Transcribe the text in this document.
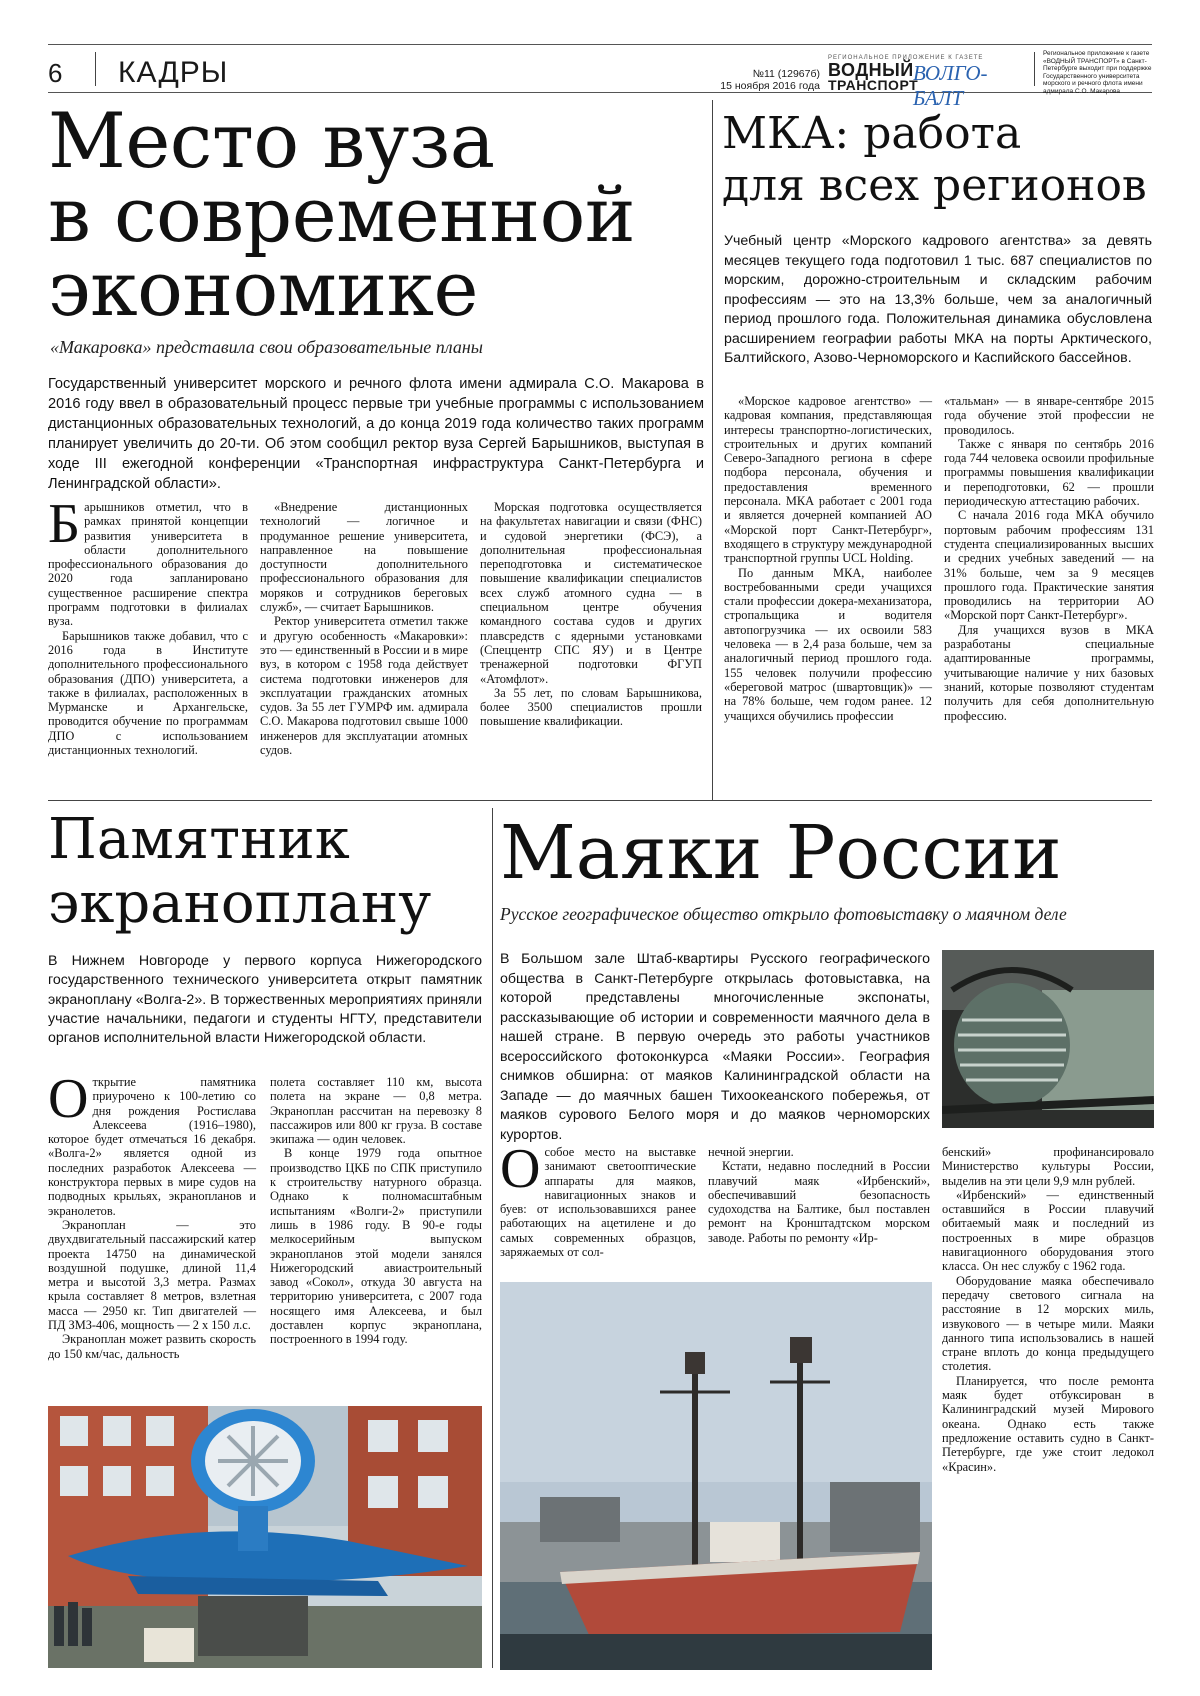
6 КАДРЫ	№11 (12967б)
15 ноября 2016 года
РЕГИОНАЛЬНОЕ ПРИЛОЖЕНИЕ К ГАЗЕТЕ
ВОДНЫЙ
ТРАНСПОРТ
ВОЛГО-БАЛТ
Региональное приложение к газете «ВОДНЫЙ ТРАНСПОРТ» в Санкт-Петербурге выходит при поддержке Государственного университета морского и речного флота имени адмирала С.О. Макарова
Место вуза
в современной
экономике
«Макаровка» представила свои образовательные планы
Государственный университет морского и речного флота имени адмирала С.О. Макарова в 2016 году ввел в образовательный процесс первые три учебные программы с использованием дистанционных образовательных технологий, а до конца 2019 года количество таких программ планирует увеличить до 20-ти. Об этом сообщил ректор вуза Сергей Барышников, выступая в ходе III ежегодной конференции «Транспортная инфраструктура Санкт-Петербурга и Ленинградской области».

Барышников отметил, что в рамках принятой концепции развития университета в области дополнительного профессионального образования до 2020 года запланировано существенное расширение спектра программ подготовки в филиалах вуза.

Барышников также добавил, что с 2016 года в Институте дополнительного профессионального образования (ДПО) университета, а также в филиалах, расположенных в Мурманске и Архангельске, проводится обучение по программам ДПО с использованием дистанционных технологий.

«Внедрение дистанционных технологий — логичное и продуманное решение университета, направленное на повышение доступности дополнительного профессионального образования для моряков и сотрудников береговых служб», — считает Барышников.

Ректор университета отметил также и другую особенность «Макаровки»: это — единственный в России и в мире вуз, в котором с 1958 года действует система подготовки инженеров для эксплуатации гражданских атомных судов. За 55 лет ГУМРФ им. адмирала С.О. Макарова подготовил свыше 1000 инженеров для эксплуатации атомных судов.

Морская подготовка осуществляется на факультетах навигации и связи (ФНС) и судовой энергетики (ФСЭ), а дополнительная профессиональная переподготовка и систематическое повышение квалификации специалистов всех служб атомного судна — в специальном центре обучения командного состава судов и других плавсредств с ядерными установками (Спеццентр СПС ЯУ) и в Центре тренажерной подготовки ФГУП «Атомфлот».

За 55 лет, по словам Барышникова, более 3500 специалистов прошли повышение квалификации.

МКА: работа
для всех регионов
Учебный центр «Морского кадрового агентства» за девять месяцев текущего года подготовил 1 тыс. 687 специалистов по морским, дорожно-строительным и складским рабочим профессиям — это на 13,3% больше, чем за аналогичный период прошлого года. Положительная динамика обусловлена расширением географии работы МКА на порты Арктического, Балтийского, Азово-Черноморского и Каспийского бассейнов.

«Морское кадровое агентство» — кадровая компания, представляющая интересы транспортно-логистических, строительных и других компаний Северо-Западного региона в сфере подбора персонала, обучения и предоставления временного персонала. МКА работает с 2001 года и является дочерней компанией АО «Морской порт Санкт-Петербург», входящего в структуру международной транспортной группы UCL Holding.

По данным МКА, наиболее востребованными среди учащихся стали профессии докера-механизатора, стропальщика и водителя автопогрузчика — их освоили 583 человека — в 2,4 раза больше, чем за аналогичный период прошлого года. 155 человек получили профессию «береговой матрос (швартовщик)» — на 78% больше, чем годом ранее. 12 учащихся обучились профессии

«тальман» — в январе-сентябре 2015 года обучение этой профессии не проводилось.

Также с января по сентябрь 2016 года 744 человека освоили профильные программы повышения квалификации и переподготовки, 62 — прошли периодическую аттестацию рабочих.

С начала 2016 года МКА обучило портовым рабочим профессиям 131 студента специализированных высших и средних учебных заведений — на 31% больше, чем за 9 месяцев прошлого года. Практические занятия проводились на территории АО «Морской порт Санкт-Петербург».

Для учащихся вузов в МКА разработаны специальные адаптированные программы, учитывающие наличие у них базовых знаний, которые позволяют студентам получить для себя дополнительную профессию.

Памятник
экраноплану
В Нижнем Новгороде у первого корпуса Нижегородского государственного технического университета открыт памятник экраноплану «Волга-2». В торжественных мероприятиях приняли участие начальники, педагоги и студенты НГТУ, представители органов исполнительной власти Нижегородской области.

Открытие памятника приурочено к 100-летию со дня рождения Ростислава Алексеева (1916–1980), которое будет отмечаться 16 декабря. «Волга-2» является одной из последних разработок Алексеева — конструктора первых в мире судов на подводных крыльях, экранопланов и экранолетов.

Экраноплан — это двухдвигательный пассажирский катер проекта 14750 на динамической воздушной подушке, длиной 11,4 метра и высотой 3,3 метра. Размах крыла составляет 8 метров, взлетная масса — 2950 кг. Тип двигателей — ПД ЗМЗ-406, мощность — 2 х 150 л.с.

Экраноплан может развить скорость до 150 км/час, дальность

полета составляет 110 км, высота полета на экране — 0,8 метра. Экраноплан рассчитан на перевозку 8 пассажиров или 800 кг груза. В составе экипажа — один человек.

В конце 1979 года опытное производство ЦКБ по СПК приступило к строительству натурного образца. Однако к полномасштабным испытаниям «Волги-2» приступили лишь в 1986 году. В 90-е годы мелкосерийным выпуском экранопланов этой модели занялся Нижегородский авиастроительный завод «Сокол», откуда 30 августа на территорию университета, с 2007 года носящего имя Алексеева, и был доставлен корпус экраноплана, построенного в 1994 году.

Маяки России
Русское географическое общество открыло фотовыставку о маячном деле
В Большом зале Штаб-квартиры Русского географического общества в Санкт-Петербурге открылась фотовыставка, на которой представлены многочисленные экспонаты, рассказывающие об истории и современности маячного дела в нашей стране. В первую очередь это работы участников всероссийского фотоконкурса «Маяки России». География снимков обширна: от маяков Калининградской области на Западе — до маячных башен Тихоокеанского побережья, от маяков сурового Белого моря и до маяков черноморских курортов.

Особое место на выставке занимают светооптические аппараты для маяков, навигационных знаков и буев: от использовавшихся ранее работающих на ацетилене и до самых современных образцов, заряжаемых от сол-

нечной энергии.

Кстати, недавно последний в России плавучий маяк «Ирбенский», обеспечивавший безопасность судоходства на Балтике, был поставлен ремонт на Кронштадтском морском заводе. Работы по ремонту «Ир-

бенский» профинансировало Министерство культуры России, выделив на эти цели 9,9 млн рублей.

«Ирбенский» — единственный оставшийся в России плавучий обитаемый маяк и последний из построенных в мире образцов навигационного оборудования этого класса. Он нес службу с 1962 года.

Оборудование маяка обеспечивало передачу светового сигнала на расстояние в 12 морских миль, извукового — в четыре мили. Маяки данного типа использовались в нашей стране вплоть до конца предыдущего столетия.

Планируется, что после ремонта маяк будет отбуксирован в Калининградский музей Мирового океана. Однако есть также предложение оставить судно в Санкт-Петербурге, где уже стоит ледокол «Красин».
